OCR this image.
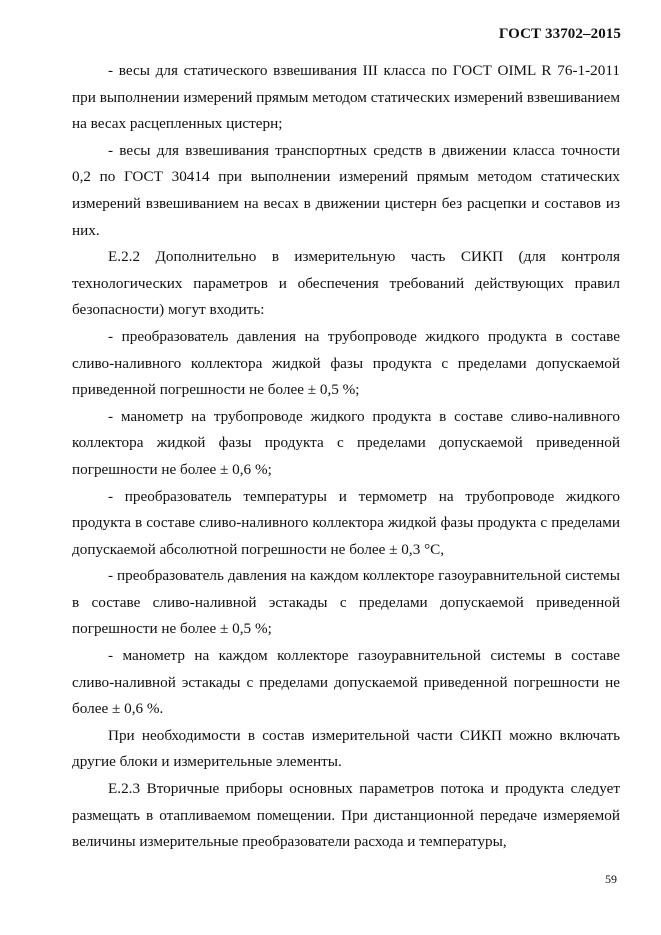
ГОСТ 33702–2015

- весы для статического взвешивания III класса по ГОСТ OIML R 76-1-2011 при выполнении измерений прямым методом статических измерений взвешиванием на весах расцепленных цистерн;

- весы для взвешивания транспортных средств в движении класса точности 0,2 по ГОСТ 30414 при выполнении измерений прямым методом статических измерений взвешиванием на весах в движении цистерн без расцепки и составов из них.

Е.2.2 Дополнительно в измерительную часть СИКП (для контроля технологических параметров и обеспечения требований действующих правил безопасности) могут входить:

- преобразователь давления на трубопроводе жидкого продукта в составе сливо-наливного коллектора жидкой фазы продукта с пределами допускаемой приведенной погрешности не более ± 0,5 %;

- манометр на трубопроводе жидкого продукта в составе сливо-наливного коллектора жидкой фазы продукта с пределами допускаемой приведенной погрешности не более ± 0,6 %;

- преобразователь температуры и термометр на трубопроводе жидкого продукта в составе сливо-наливного коллектора жидкой фазы продукта с пределами допускаемой абсолютной погрешности не более ± 0,3 °С,

- преобразователь давления на каждом коллекторе газоуравнительной системы в составе сливо-наливной эстакады с пределами допускаемой приведенной погрешности не более ± 0,5 %;

- манометр на каждом коллекторе газоуравнительной системы в составе сливо-наливной эстакады с пределами допускаемой приведенной погрешности не более ± 0,6 %.

При необходимости в состав измерительной части СИКП можно включать другие блоки и измерительные элементы.

Е.2.3 Вторичные приборы основных параметров потока и продукта следует размещать в отапливаемом помещении. При дистанционной передаче измеряемой величины измерительные преобразователи расхода и температуры,

59
